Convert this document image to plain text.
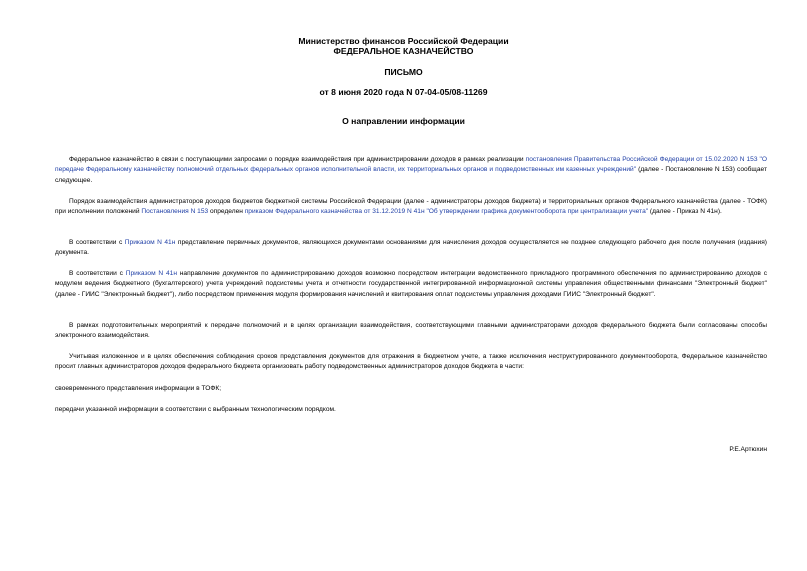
Министерство финансов Российской Федерации
ФЕДЕРАЛЬНОЕ КАЗНАЧЕЙСТВО
ПИСЬМО
от 8 июня 2020 года N 07-04-05/08-11269
О направлении информации

Федеральное казначейство в связи с поступающими запросами о порядке взаимодействия при администрировании доходов в рамках реализации постановления Правительства Российской Федерации от 15.02.2020 N 153 "О передаче Федеральному казначейству полномочий отдельных федеральных органов исполнительной власти, их территориальных органов и подведомственных им казенных учреждений" (далее - Постановление N 153) сообщает следующее.

Порядок взаимодействия администраторов доходов бюджетов бюджетной системы Российской Федерации (далее - администраторы доходов бюджета) и территориальных органов Федерального казначейства (далее - ТОФК) при исполнении положений Постановления N 153 определен приказом Федерального казначейства от 31.12.2019 N 41н "Об утверждении графика документооборота при централизации учета" (далее - Приказ N 41н).

В соответствии с Приказом N 41н представление первичных документов, являющихся документами основаниями для начисления доходов осуществляется не позднее следующего рабочего дня после получения (издания) документа.

В соответствии с Приказом N 41н направление документов по администрированию доходов возможно посредством интеграции ведомственного прикладного программного обеспечения по администрированию доходов с модулем ведения бюджетного (бухгалтерского) учета учреждений подсистемы учета и отчетности государственной интегрированной информационной системы управления общественными финансами "Электронный бюджет" (далее - ГИИС "Электронный бюджет"), либо посредством применения модуля формирования начислений и квитирования оплат подсистемы управления доходами ГИИС "Электронный бюджет".

В рамках подготовительных мероприятий к передаче полномочий и в целях организации взаимодействия, соответствующими главными администраторами доходов федерального бюджета были согласованы способы электронного взаимодействия.

Учитывая изложенное и в целях обеспечения соблюдения сроков представления документов для отражения в бюджетном учете, а также исключения неструктурированного документооборота, Федеральное казначейство просит главных администраторов доходов федерального бюджета организовать работу подведомственных администраторов доходов бюджета в части:

своевременного представления информации в ТОФК;
передачи указанной информации в соответствии с выбранным технологическим порядком.
Р.Е.Артюхин
